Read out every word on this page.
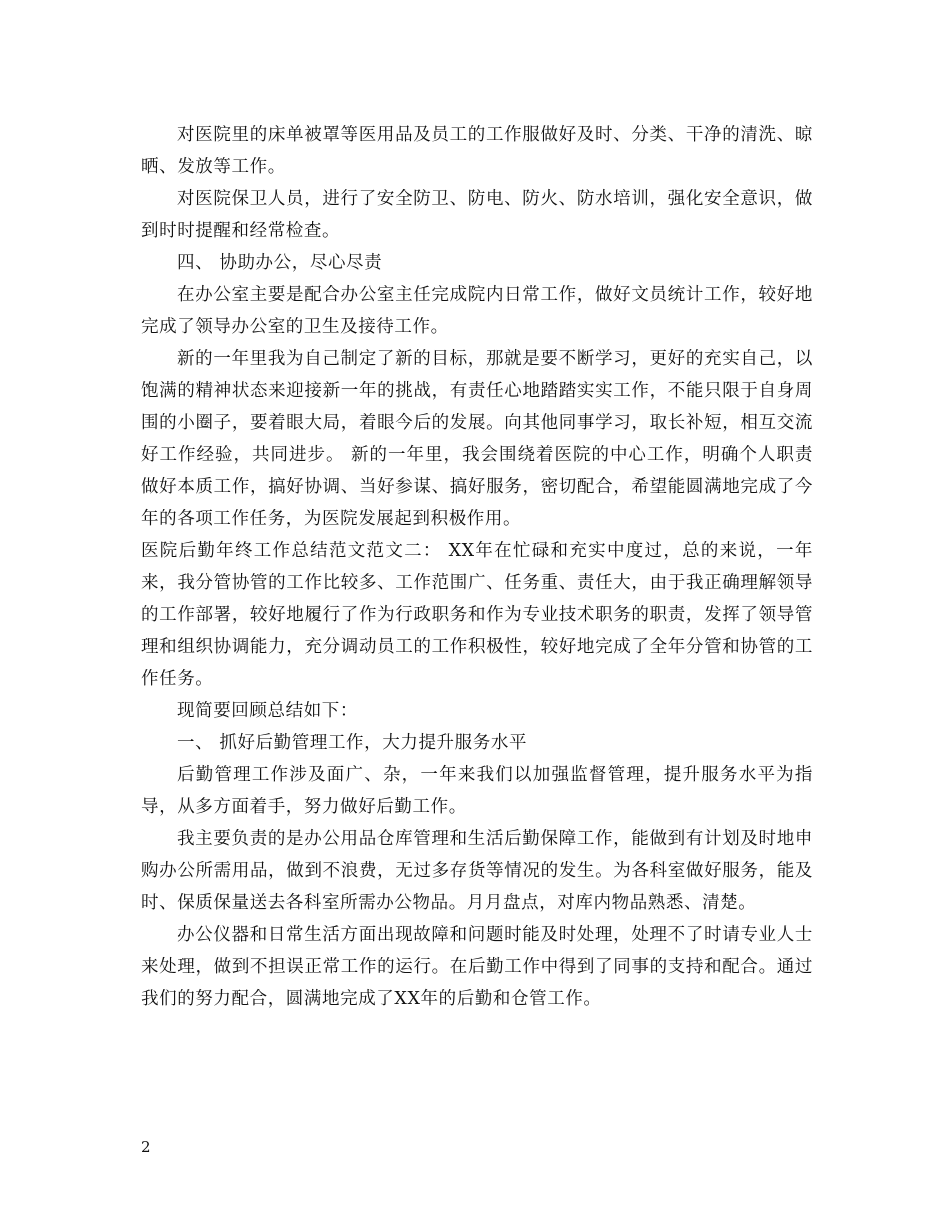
对医院里的床单被罩等医用品及员工的工作服做好及时、分类、干净的清洗、晾晒、发放等工作。

对医院保卫人员，进行了安全防卫、防电、防火、防水培训，强化安全意识，做到时时提醒和经常检查。

四、 协助办公，尽心尽责

在办公室主要是配合办公室主任完成院内日常工作，做好文员统计工作，较好地完成了领导办公室的卫生及接待工作。

新的一年里我为自己制定了新的目标，那就是要不断学习，更好的充实自己，以饱满的精神状态来迎接新一年的挑战，有责任心地踏踏实实工作，不能只限于自身周围的小圈子，要着眼大局，着眼今后的发展。向其他同事学习，取长补短，相互交流好工作经验，共同进步。 新的一年里，我会围绕着医院的中心工作，明确个人职责做好本质工作，搞好协调、当好参谋、搞好服务，密切配合，希望能圆满地完成了今年的各项工作任务，为医院发展起到积极作用。

医院后勤年终工作总结范文范文二： XX年在忙碌和充实中度过，总的来说，一年来，我分管协管的工作比较多、工作范围广、任务重、责任大，由于我正确理解领导的工作部署，较好地履行了作为行政职务和作为专业技术职务的职责，发挥了领导管理和组织协调能力，充分调动员工的工作积极性，较好地完成了全年分管和协管的工作任务。

现简要回顾总结如下：

一、 抓好后勤管理工作，大力提升服务水平

后勤管理工作涉及面广、杂，一年来我们以加强监督管理，提升服务水平为指导，从多方面着手，努力做好后勤工作。

我主要负责的是办公用品仓库管理和生活后勤保障工作，能做到有计划及时地申购办公所需用品，做到不浪费，无过多存货等情况的发生。为各科室做好服务，能及时、保质保量送去各科室所需办公物品。月月盘点，对库内物品熟悉、清楚。

办公仪器和日常生活方面出现故障和问题时能及时处理，处理不了时请专业人士来处理，做到不担误正常工作的运行。在后勤工作中得到了同事的支持和配合。通过我们的努力配合，圆满地完成了XX年的后勤和仓管工作。

2
